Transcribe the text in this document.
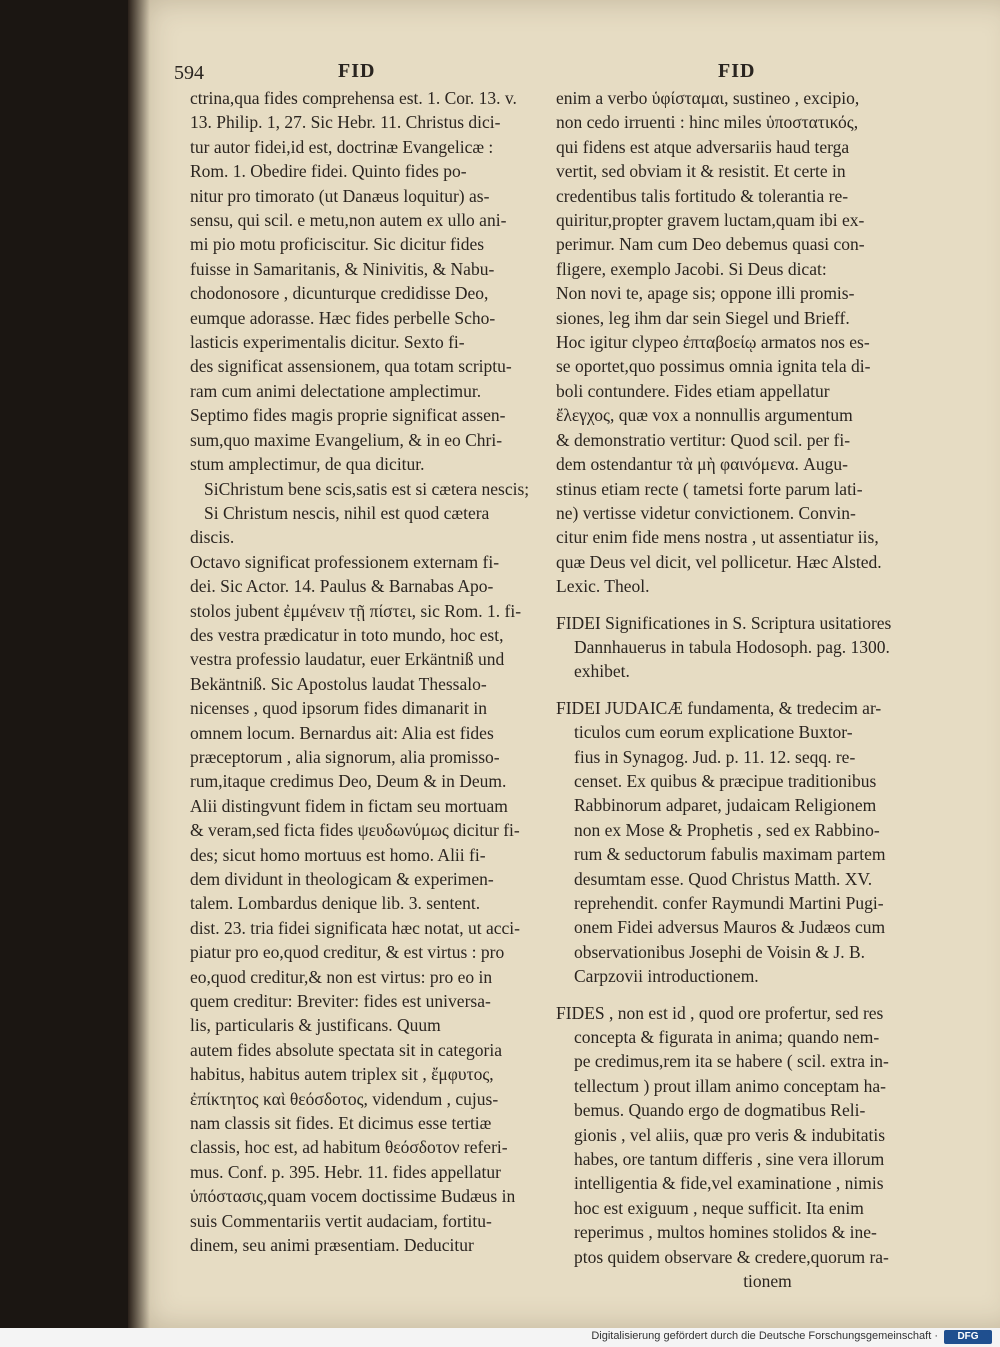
594	FID	FID
ctrina,qua fides comprehensa est. 1. Cor. 13. v.
13. Philip. 1, 27. Sic Hebr. 11. Christus dici-
tur autor fidei,id est, doctrinæ Evangelicæ :
Rom. 1. Obedire fidei. Quinto fides po-
nitur pro timorato (ut Danæus loquitur) as-
sensu, qui scil. e metu,non autem ex ullo ani-
mi pio motu proficiscitur. Sic dicitur fides
fuisse in Samaritanis, & Ninivitis, & Nabu-
chodonosore , dicunturque credidisse Deo,
eumque adorasse. Hæc fides perbelle Scho-
lasticis experimentalis dicitur. Sexto fi-
des significat assensionem, qua totam scriptu-
ram cum animi delectatione amplectimur.
Septimo fides magis proprie significat assen-
sum,quo maxime Evangelium, & in eo Chri-
stum amplectimur, de qua dicitur.
SiChristum bene scis,satis est si cætera nescis;
Si Christum nescis, nihil est quod cætera
discis.
Octavo significat professionem externam fi-
dei. Sic Actor. 14. Paulus & Barnabas Apo-
stolos jubent ἐμμένειν τῇ πίστει, sic Rom. 1. fi-
des vestra prædicatur in toto mundo, hoc est,
vestra professio laudatur, euer Erkäntniß und
Bekäntniß. Sic Apostolus laudat Thessalo-
nicenses , quod ipsorum fides dimanarit in
omnem locum. Bernardus ait: Alia est fides
præceptorum , alia signorum, alia promisso-
rum,itaque credimus Deo, Deum & in Deum.
Alii distingvunt fidem in fictam seu mortuam
& veram,sed ficta fides ψευδωνύμως dicitur fi-
des; sicut homo mortuus est homo. Alii fi-
dem dividunt in theologicam & experimen-
talem. Lombardus denique lib. 3. sentent.
dist. 23. tria fidei significata hæc notat, ut acci-
piatur pro eo,quod creditur, & est virtus : pro
eo,quod creditur,& non est virtus: pro eo in
quem creditur: Breviter: fides est universa-
lis, particularis & justificans. Quum
autem fides absolute spectata sit in categoria
habitus, habitus autem triplex sit , ἔμφυτος,
ἐπίκτητος καὶ θεόσδοτος, videndum , cujus-
nam classis sit fides. Et dicimus esse tertiæ
classis, hoc est, ad habitum θεόσδοτον referi-
mus. Conf. p. 395. Hebr. 11. fides appellatur
ὑπόστασις,quam vocem doctissime Budæus in
suis Commentariis vertit audaciam, fortitu-
dinem, seu animi præsentiam. Deducitur
enim a verbo ὑφίσταμαι, sustineo , excipio,
non cedo irruenti : hinc miles ὑποστατικός,
qui fidens est atque adversariis haud terga
vertit, sed obviam it & resistit. Et certe in
credentibus talis fortitudo & tolerantia re-
quiritur,propter gravem luctam,quam ibi ex-
perimur. Nam cum Deo debemus quasi con-
fligere, exemplo Jacobi. Si Deus dicat:
Non novi te, apage sis; oppone illi promis-
siones, leg ihm dar sein Siegel und Brieff.
Hoc igitur clypeo ἐπταβοείῳ armatos nos es-
se oportet,quo possimus omnia ignita tela di-
boli contundere. Fides etiam appellatur
ἔλεγχος, quæ vox a nonnullis argumentum
& demonstratio vertitur: Quod scil. per fi-
dem ostendantur τὰ μὴ φαινόμενα. Augu-
stinus etiam recte ( tametsi forte parum lati-
ne) vertisse videtur convictionem. Convin-
citur enim fide mens nostra , ut assentiatur iis,
quæ Deus vel dicit, vel pollicetur. Hæc Alsted.
Lexic. Theol.
FIDEI Significationes in S. Scriptura usitatiores
Dannhauerus in tabula Hodosoph. pag. 1300.
exhibet.
FIDEI JUDAICÆ fundamenta, & tredecim ar-
ticulos cum eorum explicatione Buxtor-
fius in Synagog. Jud. p. 11. 12. seqq. re-
censet. Ex quibus & præcipue traditionibus
Rabbinorum adparet, judaicam Religionem
non ex Mose & Prophetis , sed ex Rabbino-
rum & seductorum fabulis maximam partem
desumtam esse. Quod Christus Matth. XV.
reprehendit. confer Raymundi Martini Pugi-
onem Fidei adversus Mauros & Judæos cum
observationibus Josephi de Voisin & J. B.
Carpzovii introductionem.
FIDES , non est id , quod ore profertur, sed res
concepta & figurata in anima; quando nem-
pe credimus,rem ita se habere ( scil. extra in-
tellectum ) prout illam animo conceptam ha-
bemus. Quando ergo de dogmatibus Reli-
gionis , vel aliis, quæ pro veris & indubitatis
habes, ore tantum differis , sine vera illorum
intelligentia & fide,vel examinatione , nimis
hoc est exiguum , neque sufficit. Ita enim
reperimus , multos homines stolidos & ine-
ptos quidem observare & credere,quorum ra-
tionem
Digitalisierung gefördert durch die Deutsche Forschungsgemeinschaft ·	DFG
